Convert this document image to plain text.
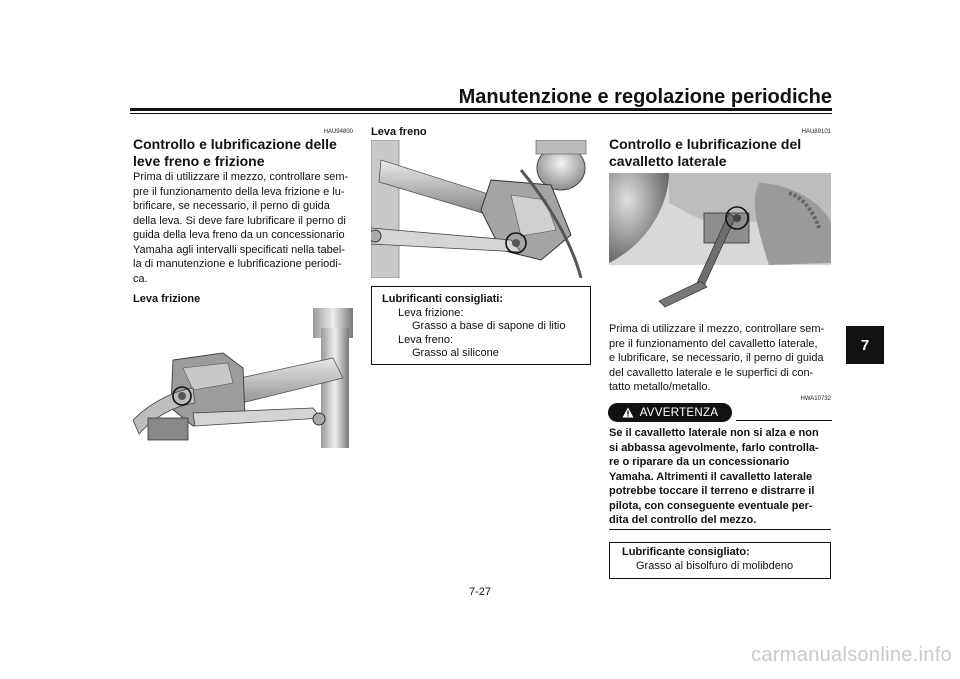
Manutenzione e regolazione periodiche
7
HAU94800
Controllo e lubrificazione delle
leve freno e frizione
Prima di utilizzare il mezzo, controllare sem-
pre il funzionamento della leva frizione e lu-
brificare, se necessario, il perno di guida
della leva. Si deve fare lubrificare il perno di
guida della leva freno da un concessionario
Yamaha agli intervalli specificati nella tabel-
la di manutenzione e lubrificazione periodi-
ca.
Leva frizione
Leva freno
Lubrificanti consigliati:
Leva frizione:
Grasso a base di sapone di litio
Leva freno:
Grasso al silicone
HAU89101
Controllo e lubrificazione del
cavalletto laterale
Prima di utilizzare il mezzo, controllare sem-
pre il funzionamento del cavalletto laterale,
e lubrificare, se necessario, il perno di guida
del cavalletto laterale e le superfici di con-
tatto metallo/metallo.
HWA10732
AVVERTENZA
Se il cavalletto laterale non si alza e non
si abbassa agevolmente, farlo controlla-
re o riparare da un concessionario
Yamaha. Altrimenti il cavalletto laterale
potrebbe toccare il terreno e distrarre il
pilota, con conseguente eventuale per-
dita del controllo del mezzo.
Lubrificante consigliato:
Grasso al bisolfuro di molibdeno
7-27
carmanualsonline.info
